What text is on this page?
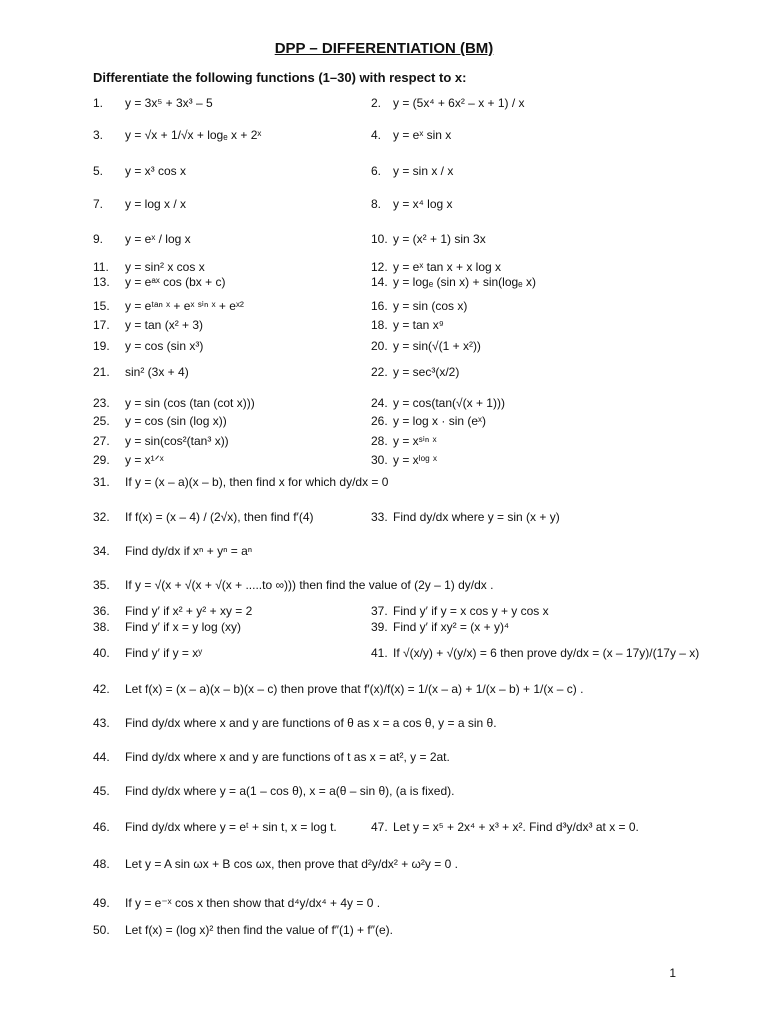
DPP – DIFFERENTIATION (BM)
Differentiate the following functions (1–30) with respect to x:
1. y = 3x⁵ + 3x³ – 5	2. y = (5x⁴ + 6x² – x + 1) / x
3. y = √x + 1/√x + logₑ x + 2ˣ	4. y = eˣ sin x
5. y = x³ cos x	6. y = sin x / x
7. y = log x / x	8. y = x⁴ log x
9. y = eˣ / log x	10. y = (x² + 1) sin 3x
11. y = sin² x cos x	12. y = eˣ tan x + x log x
13. y = eᵃˣ cos (bx + c)	14. y = logₑ (sin x) + sin(logₑ x)
15. y = eᵗᵃⁿ ˣ + eˣ ˢⁱⁿ ˣ + eˣ²	16. y = sin (cos x)
17. y = tan (x² + 3)	18. y = tan x⁹
19. y = cos (sin x³)	20. y = sin(√(1 + x²))
21. sin² (3x + 4)	22. y = sec³(x/2)
23. y = sin (cos (tan (cot x)))	24. y = cos(tan(√(x + 1)))
25. y = cos (sin (log x))	26. y = log x · sin (eˣ)
27. y = sin(cos²(tan³ x))	28. y = xˢⁱⁿ ˣ
29. y = x¹ᐟˣ	30. y = xˡᵒᵍ ˣ
31. If y = (x – a)(x – b), then find x for which dy/dx = 0
32. If f(x) = (x – 4) / (2√x), then find f′(4)	33. Find dy/dx where y = sin (x + y)
34. Find dy/dx if xⁿ + yⁿ = aⁿ
35. If y = √(x + √(x + √(x + .....to ∞))) then find the value of (2y – 1) dy/dx .
36. Find y′ if x² + y² + xy = 2	37. Find y′ if y = x cos y + y cos x
38. Find y′ if x = y log (xy)	39. Find y′ if xy² = (x + y)⁴
40. Find y′ if y = xʸ	41. If √(x/y) + √(y/x) = 6 then prove dy/dx = (x – 17y)/(17y – x)
42. Let f(x) = (x – a)(x – b)(x – c) then prove that f′(x)/f(x) = 1/(x – a) + 1/(x – b) + 1/(x – c) .
43. Find dy/dx where x and y are functions of θ as x = a cos θ, y = a sin θ.
44. Find dy/dx where x and y are functions of t as x = at², y = 2at.
45. Find dy/dx where y = a(1 – cos θ), x = a(θ – sin θ), (a is fixed).
46. Find dy/dx where y = eᵗ + sin t, x = log t.	47. Let y = x⁵ + 2x⁴ + x³ + x². Find d³y/dx³ at x = 0.
48. Let y = A sin ωx + B cos ωx, then prove that d²y/dx² + ω²y = 0 .
49. If y = e⁻ˣ cos x then show that d⁴y/dx⁴ + 4y = 0 .
50. Let f(x) = (log x)² then find the value of f″(1) + f″(e).
1
